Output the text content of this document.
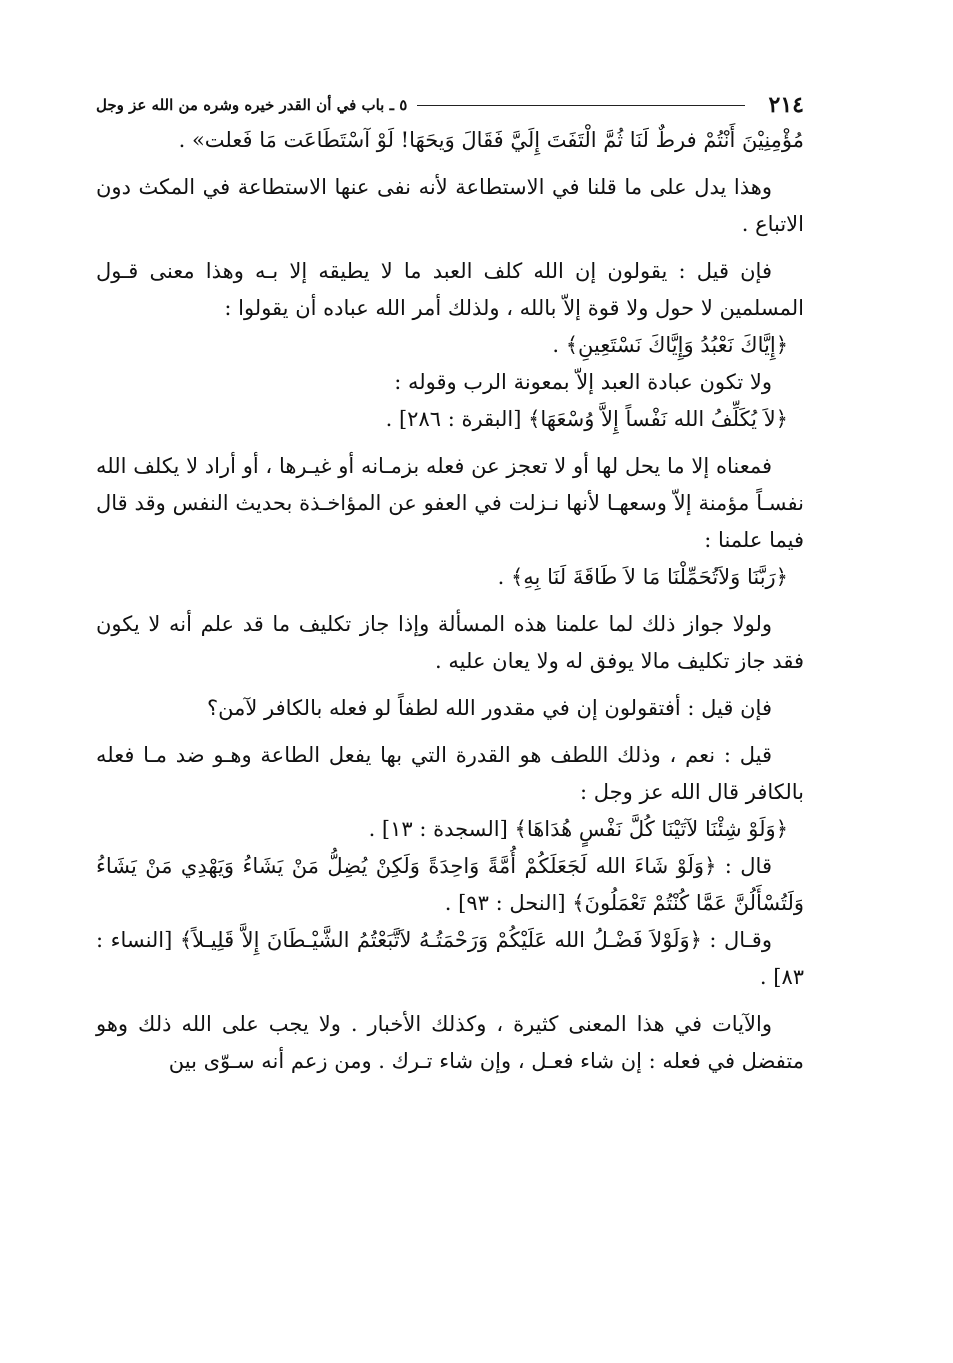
٢١٤
٥ ـ باب في أن القدر خيره وشره من الله عز وجل

مُؤْمِنِيْنَ أَنْتُمْ فرطٌ لَنَا ثُمَّ الْتَفَتَ إِلَيَّ فَقَالَ وَيحَهَا! لَوْ آسْتَطَاعَت مَا فَعلت» .

وهذا يدل على ما قلنا في الاستطاعة لأنه نفى عنها الاستطاعة في المكث دون الاتباع .

فإن قيل : يقولون إن الله كلف العبد ما لا يطيقه إلا بـه وهذا معنى قـول المسلمين لا حول ولا قوة إلاّ بالله ، ولذلك أمر الله عباده أن يقولوا :

﴿إِيَّاكَ نَعْبُدُ وَإِيَّاكَ نَسْتَعِينِ﴾ .

ولا تكون عبادة العبد إلاّ بمعونة الرب وقوله :

﴿لاَ يُكَلِّفُ الله نَفْساً إِلاَّ وُسْعَهَا﴾ [البقرة : ٢٨٦] .

فمعناه إلا ما يحل لها أو لا تعجز عن فعله بزمـانه أو غيـرها ، أو أراد لا يكلف الله نفسـاً مؤمنة إلاّ وسعهـا لأنها نـزلت في العفو عن المؤاخـذة بحديث النفس وقد قال فيما علمنا :

﴿رَبَّنَا وَلاَتُحَمِّلْنَا مَا لاَ طَاقَةَ لَنَا بِهِ﴾ .

ولولا جواز ذلك لما علمنا هذه المسألة وإذا جاز تكليف ما قد علم أنه لا يكون فقد جاز تكليف مالا يوفق له ولا يعان عليه .

فإن قيل : أفتقولون إن في مقدور الله لطفاً لو فعله بالكافر لآمن؟

قيل : نعم ، وذلك اللطف هو القدرة التي بها يفعل الطاعة وهـو ضد مـا فعله بالكافر قال الله عز وجل :

﴿وَلَوْ شِئْنَا لآتَيْنَا كُلَّ نَفْسٍ هُدَاهَا﴾ [السجدة : ١٣] .

قال : ﴿وَلَوْ شَاءَ الله لَجَعَلَكُمْ أُمَّةً وَاحِدَةً وَلَكِنْ يُضِلُّ مَنْ يَشَاءُ وَيَهْدِي مَنْ يَشَاءُ وَلَتُسْأَلُنَّ عَمَّا كُنْتُمْ تَعْمَلُونَ﴾ [النحل : ٩٣] .

وقـال : ﴿وَلَوْلاَ فَضْـلُ الله عَلَيْكُمْ وَرَحْمَتُـهُ لاَتَّبَعْتُمُ الشَّيْـطَانَ إِلاَّ قَلِيـلاً﴾ [النساء : ٨٣] .

والآيات في هذا المعنى كثيرة ، وكذلك الأخبار . ولا يجب على الله ذلك وهو متفضل في فعله : إن شاء فعـل ، وإن شاء تـرك . ومن زعم أنه سـوّى بين
